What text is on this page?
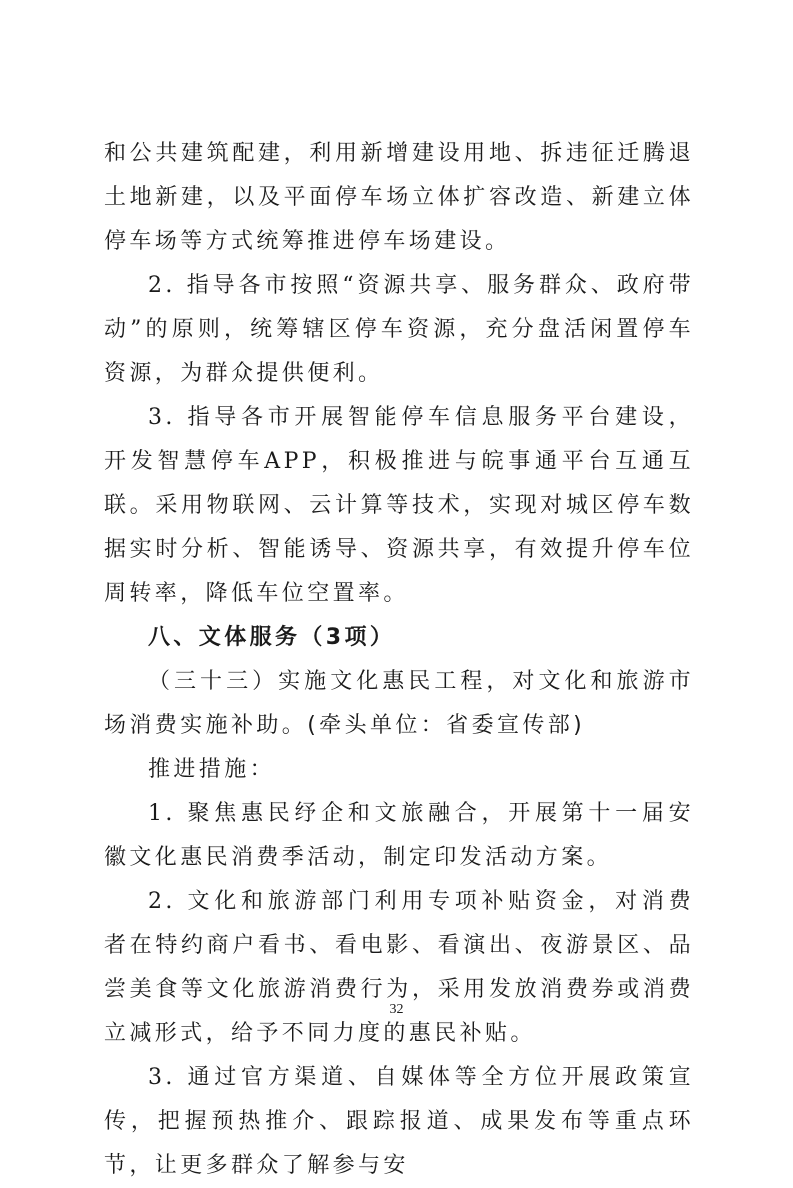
和公共建筑配建，利用新增建设用地、拆违征迁腾退土地新建，以及平面停车场立体扩容改造、新建立体停车场等方式统筹推进停车场建设。

2. 指导各市按照“资源共享、服务群众、政府带动”的原则，统筹辖区停车资源，充分盘活闲置停车资源，为群众提供便利。

3. 指导各市开展智能停车信息服务平台建设，开发智慧停车APP，积极推进与皖事通平台互通互联。采用物联网、云计算等技术，实现对城区停车数据实时分析、智能诱导、资源共享，有效提升停车位周转率，降低车位空置率。

八、文体服务（3项）

（三十三）实施文化惠民工程，对文化和旅游市场消费实施补助。(牵头单位：省委宣传部)

推进措施：

1. 聚焦惠民纾企和文旅融合，开展第十一届安徽文化惠民消费季活动，制定印发活动方案。

2. 文化和旅游部门利用专项补贴资金，对消费者在特约商户看书、看电影、看演出、夜游景区、品尝美食等文化旅游消费行为，采用发放消费券或消费立减形式，给予不同力度的惠民补贴。

3. 通过官方渠道、自媒体等全方位开展政策宣传，把握预热推介、跟踪报道、成果发布等重点环节，让更多群众了解参与安

32
